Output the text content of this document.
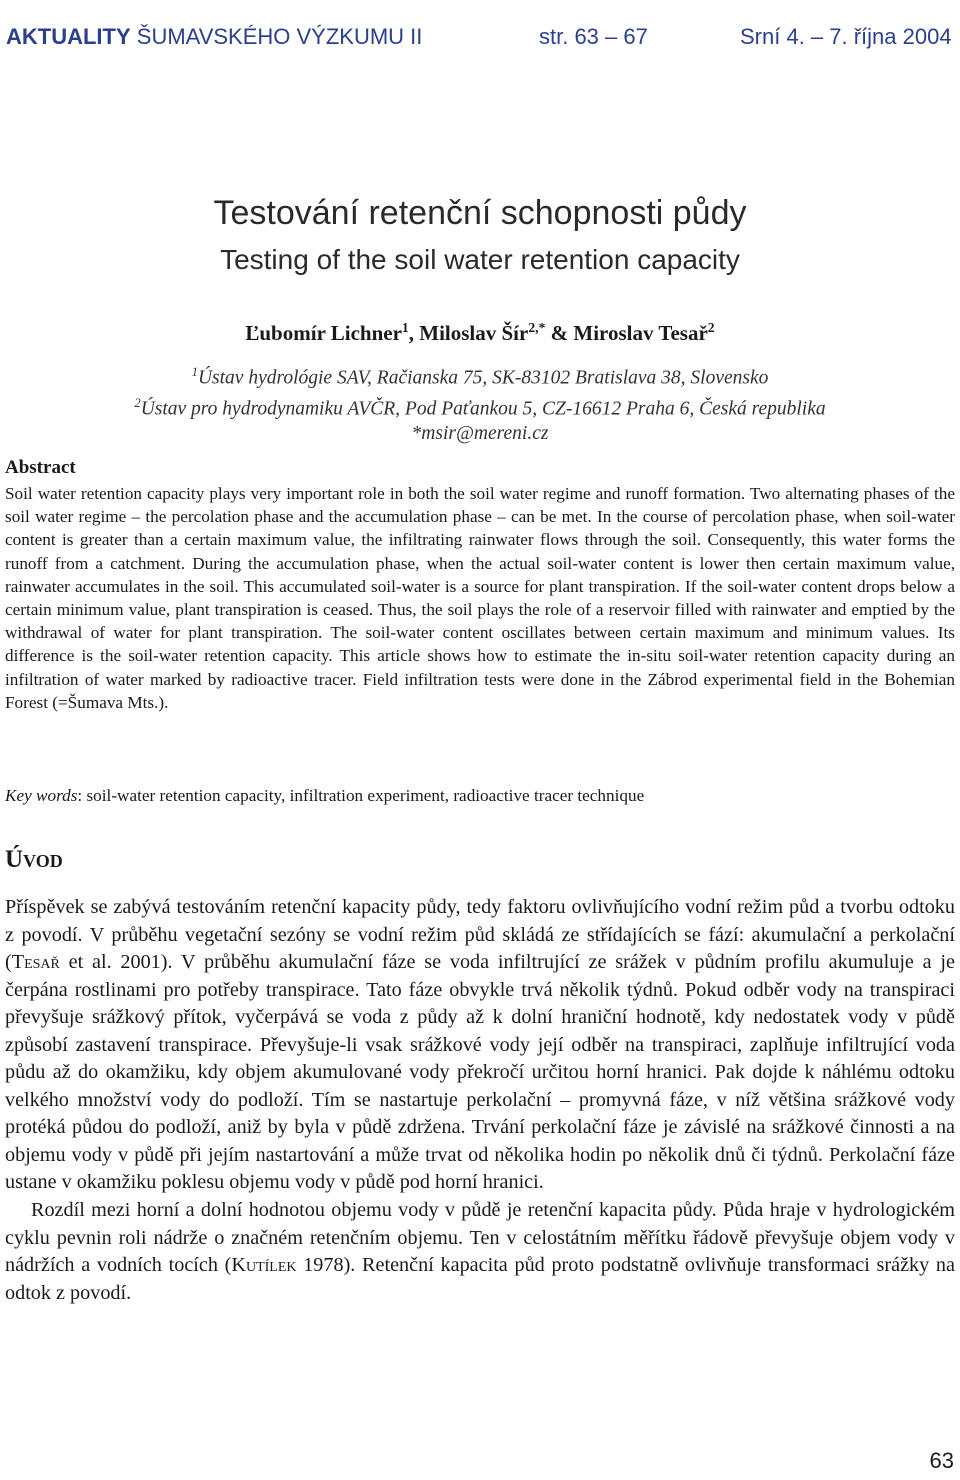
AKTUALITY ŠUMAVSKÉHO VÝZKUMU II	str. 63 – 67	Srní 4. – 7. října 2004
Testování retenční schopnosti půdy
Testing of the soil water retention capacity
Ľubomír Lichner$^1$, Miloslav Šír$^{2,*}$ & Miroslav Tesař$^2$
$^1$Ústav hydrológie SAV, Račianska 75, SK-83102 Bratislava 38, Slovensko
$^2$Ústav pro hydrodynamiku AVČR, Pod Paťankou 5, CZ-16612 Praha 6, Česká republika
*msir@mereni.cz
Abstract
Soil water retention capacity plays very important role in both the soil water regime and runoff formation. Two alternating phases of the soil water regime – the percolation phase and the accumulation phase – can be met. In the course of percolation phase, when soil-water content is greater than a certain maximum value, the infiltrating rainwater flows through the soil. Consequently, this water forms the runoff from a catchment. During the accumulation phase, when the actual soil-water content is lower then certain maximum value, rainwater accumulates in the soil. This accumulated soil-water is a source for plant transpiration. If the soil-water content drops below a certain minimum value, plant transpiration is ceased. Thus, the soil plays the role of a reservoir filled with rainwater and emptied by the withdrawal of water for plant transpiration. The soil-water content oscillates between certain maximum and minimum values. Its difference is the soil-water retention capacity. This article shows how to estimate the in-situ soil-water retention capacity during an infiltration of water marked by radioactive tracer. Field infiltration tests were done in the Zábrod experimental field in the Bohemian Forest (=Šumava Mts.).
Key words: soil-water retention capacity, infiltration experiment, radioactive tracer technique
Úvod

Příspěvek se zabývá testováním retenční kapacity půdy, tedy faktoru ovlivňujícího vodní režim půd a tvorbu odtoku z povodí. V průběhu vegetační sezóny se vodní režim půd skládá ze střídajících se fází: akumulační a perkolační (Tesař et al. 2001). V průběhu akumulační fáze se voda infiltrující ze srážek v půdním profilu akumuluje a je čerpána rostlinami pro potřeby transpirace. Tato fáze obvykle trvá několik týdnů. Pokud odběr vody na transpiraci převyšuje srážkový přítok, vyčerpává se voda z půdy až k dolní hraniční hodnotě, kdy nedostatek vody v půdě způsobí zastavení transpirace. Převyšuje-li vsak srážkové vody její odběr na transpiraci, zaplňuje infiltrující voda půdu až do okamžiku, kdy objem akumulované vody překročí určitou horní hranici. Pak dojde k náhlému odtoku velkého množství vody do podloží. Tím se nastartuje perkolační – promyvná fáze, v níž většina srážkové vody protéká půdou do podloží, aniž by byla v půdě zdržena. Trvání perkolační fáze je závislé na srážkové činnosti a na objemu vody v půdě při jejím nastartování a může trvat od několika hodin po několik dnů či týdnů. Perkolační fáze ustane v okamžiku poklesu objemu vody v půdě pod horní hranici.

Rozdíl mezi horní a dolní hodnotou objemu vody v půdě je retenční kapacita půdy. Půda hraje v hydrologickém cyklu pevnin roli nádrže o značném retenčním objemu. Ten v celostátním měřítku řádově převyšuje objem vody v nádržích a vodních tocích (Kutílek 1978). Retenční kapacita půd proto podstatně ovlivňuje transformaci srážky na odtok z povodí.

63
